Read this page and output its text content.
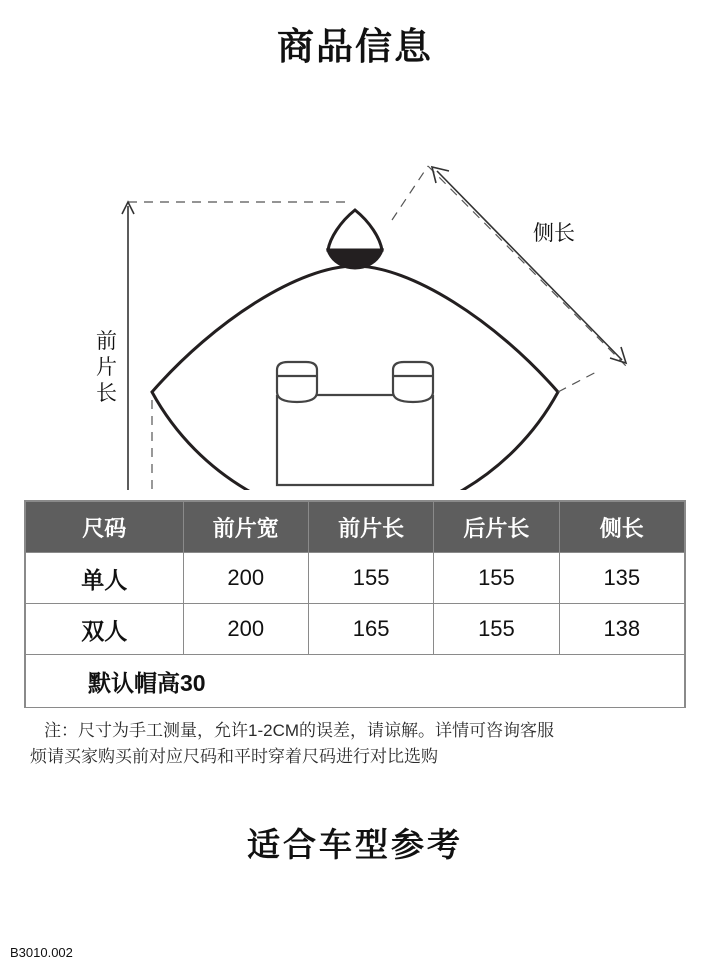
商品信息
侧长
前
片
长
尺码	前片宽	前片长	后片长	侧长
单人	200	155	155	135
双人	200	165	155	138
默认帽高30				
注：尺寸为手工测量，允许1-2CM的误差，请谅解。详情可咨询客服
烦请买家购买前对应尺码和平时穿着尺码进行对比选购
适合车型参考
B3010.002
